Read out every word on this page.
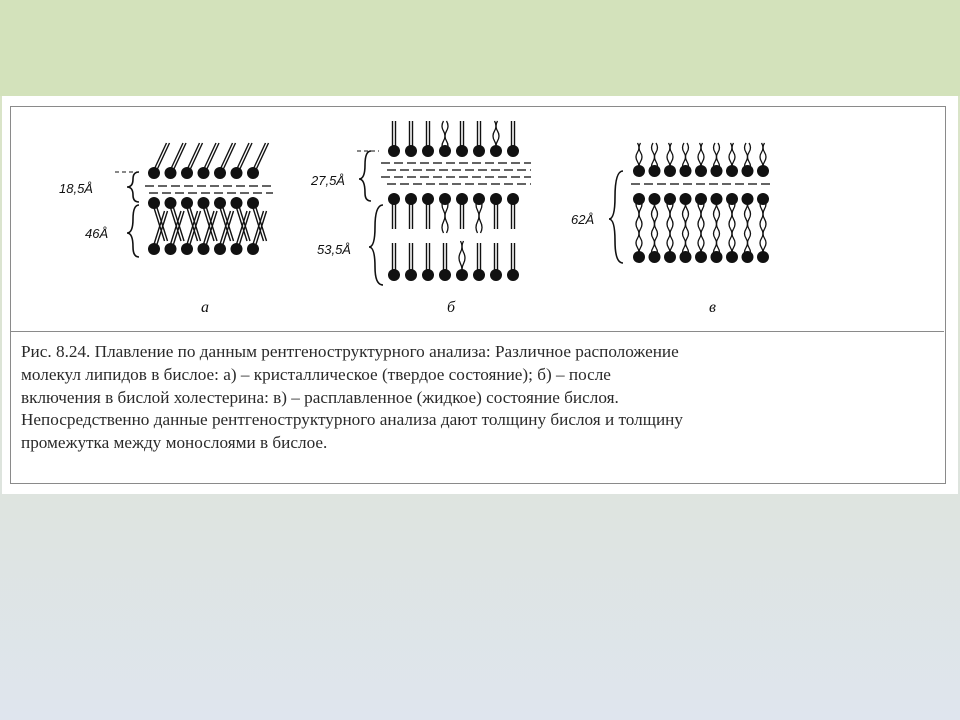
18,5Å
46Å
а
27,5Å
53,5Å
б
62Å
в
Рис. 8.24. Плавление по данным рентгеноструктурного анализа: Различное расположение
молекул липидов в бислое: а) – кристаллическое (твердое состояние); б) – после
включения в бислой холестерина: в) – расплавленное (жидкое) состояние бислоя.
Непосредственно данные рентгеноструктурного анализа дают толщину бислоя и толщину
промежутка между монослоями в бислое.
